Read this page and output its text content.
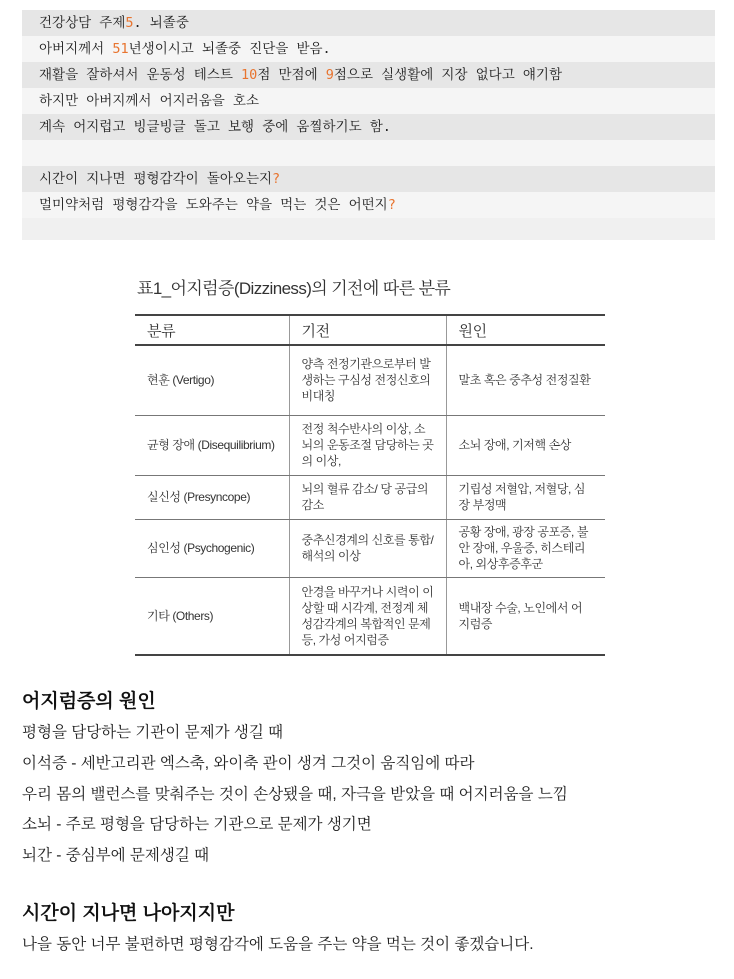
건강상담 주제5. 뇌졸중
아버지께서 51년생이시고 뇌졸중 진단을 받음.
재활을 잘하셔서 운동성 테스트 10점 만점에 9점으로 실생활에 지장 없다고 얘기함
하지만 아버지께서 어지러움을 호소
계속 어지럽고 빙글빙글 돌고 보행 중에 움찔하기도 함.
시간이 지나면 평형감각이 돌아오는지?
멀미약처럼 평형감각을 도와주는 약을 먹는 것은 어떤지?
표1_어지럼증(Dizziness)의 기전에 따른 분류
분류	기전	원인
현훈 (Vertigo)	양측 전정기관으로부터 발생하는 구심성 전정신호의 비대칭	말초 혹은 중추성 전정질환
균형 장애 (Disequilibrium)	전정 척수반사의 이상, 소뇌의 운동조절 담당하는 곳의 이상,	소뇌 장애, 기저핵 손상
실신성 (Presyncope)	뇌의 혈류 감소/ 당 공급의 감소	기립성 저혈압, 저혈당, 심장 부정맥
심인성 (Psychogenic)	중추신경계의 신호를 통합/해석의 이상	공황 장애, 광장 공포증, 불안 장애, 우울증, 히스테리아, 외상후증후군
기타 (Others)	안경을 바꾸거나 시력이 이상할 때 시각계, 전정계 체성감각계의 복합적인 문제 등, 가성 어지럼증	백내장 수술, 노인에서 어지럼증
어지럼증의 원인
평형을 담당하는 기관이 문제가 생길 때
이석증 - 세반고리관 엑스축, 와이축 관이 생겨 그것이 움직임에 따라
우리 몸의 밸런스를 맞춰주는 것이 손상됐을 때, 자극을 받았을 때 어지러움을 느낌
소뇌 - 주로 평형을 담당하는 기관으로 문제가 생기면
뇌간 - 중심부에 문제생길 때
시간이 지나면 나아지지만
나을 동안 너무 불편하면 평형감각에 도움을 주는 약을 먹는 것이 좋겠습니다.
